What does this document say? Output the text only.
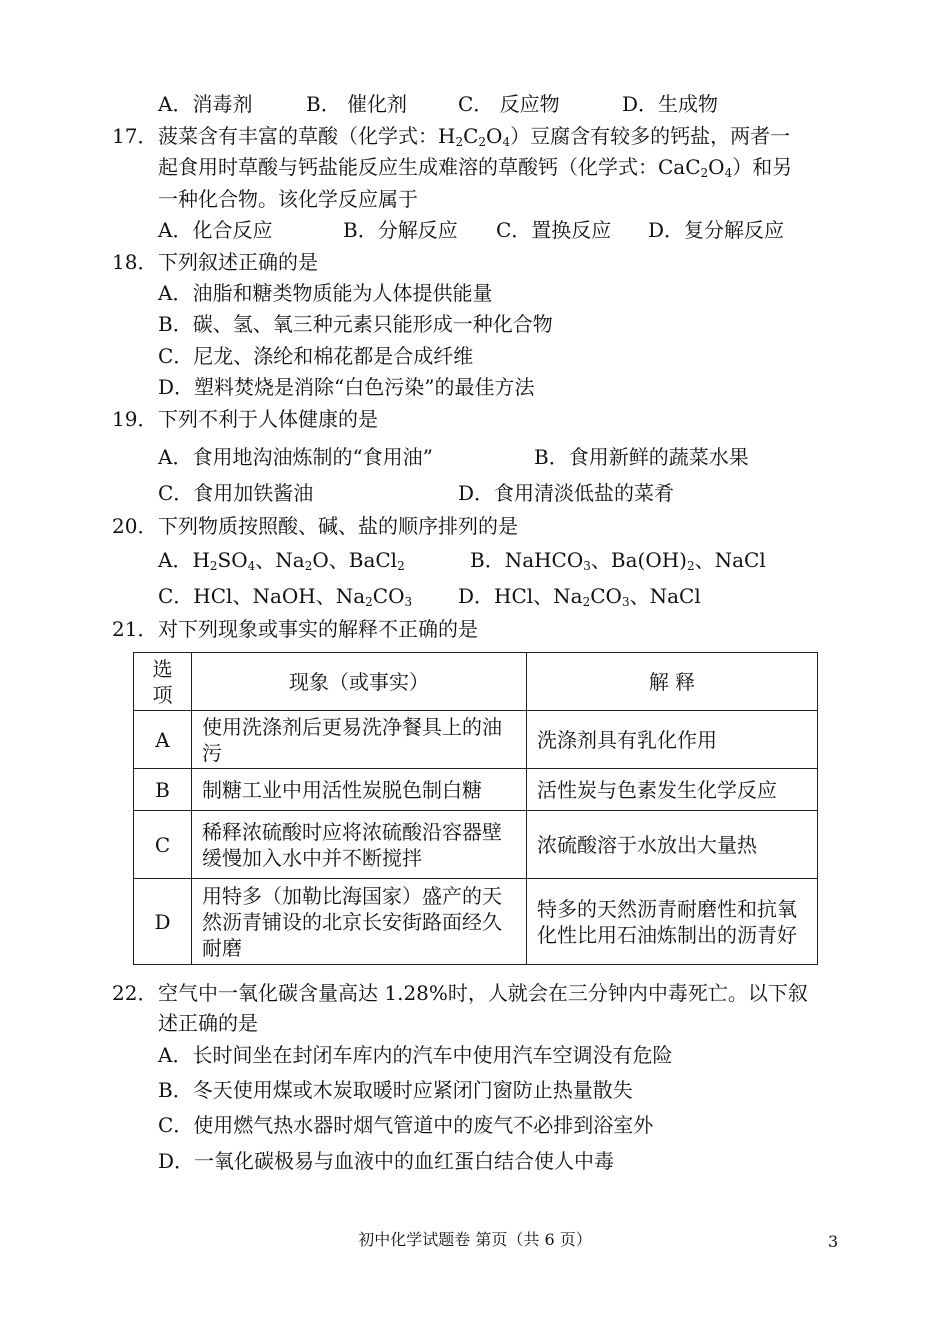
A．消毒剂	B． 催化剂	C． 反应物	D．生成物
17． 菠菜含有丰富的草酸（化学式：$H_2C_2O_4$）豆腐含有较多的钙盐，两者一
起食用时草酸与钙盐能反应生成难溶的草酸钙（化学式：$CaC_2O_4$）和另
一种化合物。该化学反应属于
A．化合反应	B．分解反应 C．置换反应 D．复分解反应
18． 下列叙述正确的是
A．油脂和糖类物质能为人体提供能量
B．碳、氢、氧三种元素只能形成一种化合物
C．尼龙、涤纶和棉花都是合成纤维
D．塑料焚烧是消除“白色污染”的最佳方法
19． 下列不利于人体健康的是
A．食用地沟油炼制的“食用油”	B．食用新鲜的蔬菜水果
C．食用加铁酱油	D．食用清淡低盐的菜肴
20． 下列物质按照酸、碱、盐的顺序排列的是
A．$H_2SO_4$、$Na_2O$、BaCl$_2$	B．NaHCO$_3$、$Ba(OH)_2$、NaCl
C．HCl、NaOH、$Na_2CO_3$ D．HCl、$Na_2CO_3$、NaCl
21． 对下列现象或事实的解释不正确的是
选
项	现象（或事实）	解 释
A	使用洗涤剂后更易洗净餐具上的油污	洗涤剂具有乳化作用
B	制糖工业中用活性炭脱色制白糖	活性炭与色素发生化学反应
C	稀释浓硫酸时应将浓硫酸沿容器壁缓慢加入水中并不断搅拌	浓硫酸溶于水放出大量热
D	用特多（加勒比海国家）盛产的天然沥青铺设的北京长安街路面经久耐磨	特多的天然沥青耐磨性和抗氧化性比用石油炼制出的沥青好
22． 空气中一氧化碳含量高达 1.28%时，人就会在三分钟内中毒死亡。以下叙
述正确的是
A．长时间坐在封闭车库内的汽车中使用汽车空调没有危险
B．冬天使用煤或木炭取暖时应紧闭门窗防止热量散失
C．使用燃气热水器时烟气管道中的废气不必排到浴室外
D．一氧化碳极易与血液中的血红蛋白结合使人中毒
初中化学试题卷 第页（共 6 页）	3
